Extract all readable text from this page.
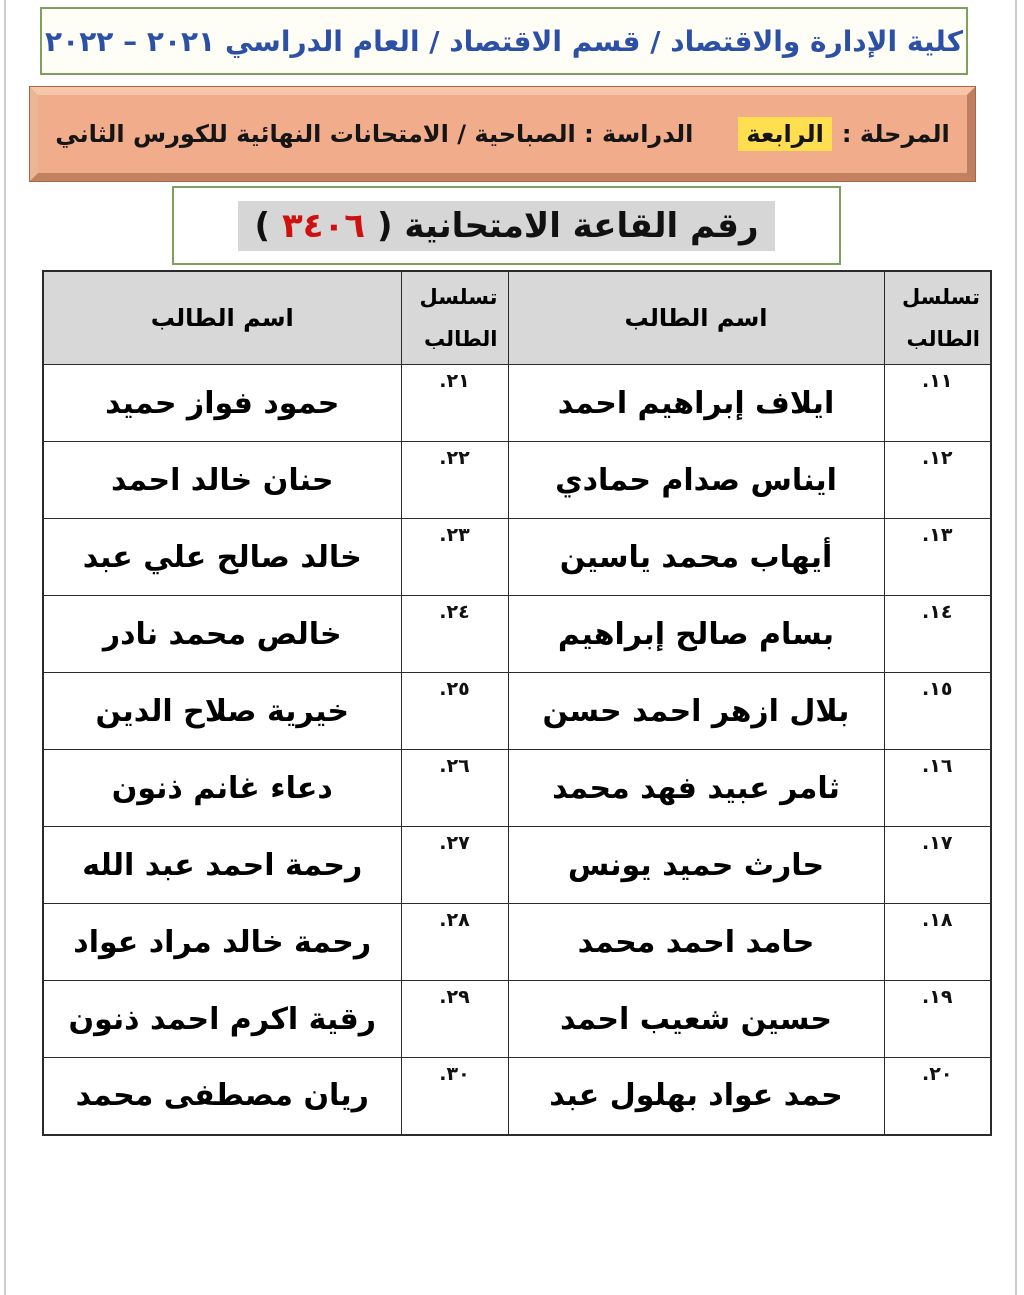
كلية الإدارة والاقتصاد / قسم الاقتصاد / العام الدراسي ٢٠٢١ – ٢٠٢٢
المرحلة :
الرابعة
الدراسة : الصباحية / الامتحانات النهائية للكورس الثاني
رقم القاعة الامتحانية (٣٤٠٦)
تسلسل
الطالب
	اسم الطالب	
تسلسل
الطالب
	اسم الطالب
١١.	ايلاف إبراهيم احمد	٢١.	حمود فواز حميد
١٢.	ايناس صدام حمادي	٢٢.	حنان خالد احمد
١٣.	أيهاب محمد ياسين	٢٣.	خالد صالح علي عبد
١٤.	بسام صالح إبراهيم	٢٤.	خالص محمد نادر
١٥.	بلال ازهر احمد حسن	٢٥.	خيرية صلاح الدين
١٦.	ثامر عبيد فهد محمد	٢٦.	دعاء غانم ذنون
١٧.	حارث حميد يونس	٢٧.	رحمة احمد عبد الله
١٨.	حامد احمد محمد	٢٨.	رحمة خالد مراد عواد
١٩.	حسين شعيب احمد	٢٩.	رقية اكرم احمد ذنون
٢٠.	حمد عواد بهلول عبد	٣٠.	ريان مصطفى محمد
